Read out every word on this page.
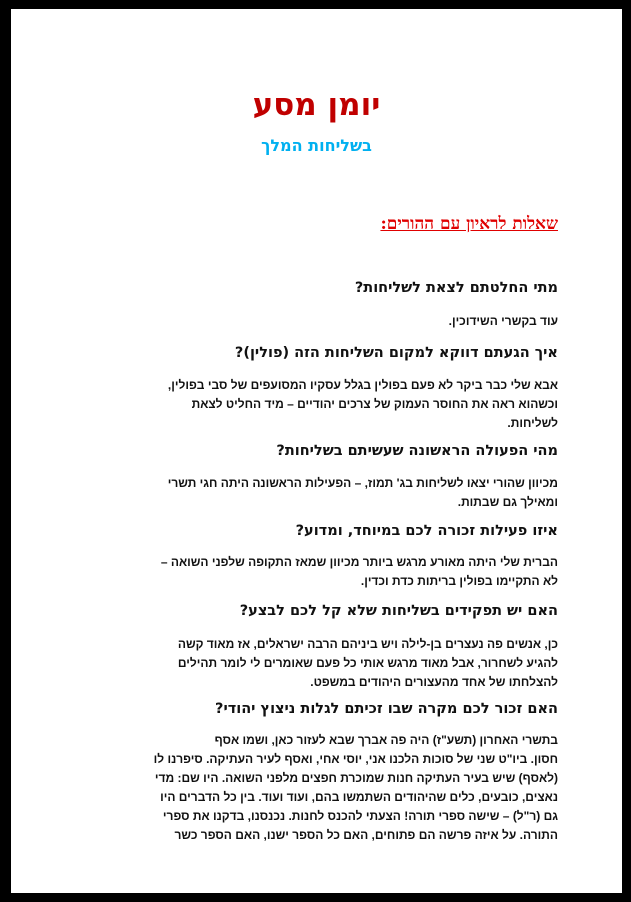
יומן מסע
בשליחות המלך
שאלות לראיון עם ההורים:

מתי החלטתם לצאת לשליחות?

עוד בקשרי השידוכין.

איך הגעתם דווקא למקום השליחות הזה (פולין)?

אבא שלי כבר ביקר לא פעם בפולין בגלל עסקיו המסועפים של סבי בפולין,
וכשהוא ראה את החוסר העמוק של צרכים יהודיים – מיד החליט לצאת
לשליחות.

מהי הפעולה הראשונה שעשיתם בשליחות?

מכיוון שהורי יצאו לשליחות בג' תמוז, – הפעילות הראשונה היתה חגי תשרי
ומאילך גם שבתות.

איזו פעילות זכורה לכם במיוחד, ומדוע?

הברית שלי היתה מאורע מרגש ביותר מכיוון שמאז התקופה שלפני השואה –
לא התקיימו בפולין בריתות כדת וכדין.

האם יש תפקידים בשליחות שלא קל לכם לבצע?

כן, אנשים פה נעצרים בן-לילה ויש ביניהם הרבה ישראלים, אז מאוד קשה
להגיע לשחרור, אבל מאוד מרגש אותי כל פעם שאומרים לי לומר תהילים
להצלחתו של אחד מהעצורים היהודים במשפט.

האם זכור לכם מקרה שבו זכיתם לגלות ניצוץ יהודי?

בתשרי האחרון (תשע"ז) היה פה אברך שבא לעזור כאן, ושמו אסף
חסון. ביו"ט שני של סוכות הלכנו אני, יוסי אחי, ואסף לעיר העתיקה. סיפרנו לו
(לאסף) שיש בעיר העתיקה חנות שמוכרת חפצים מלפני השואה. היו שם: מדי
נאצים, כובעים, כלים שהיהודים השתמשו בהם, ועוד ועוד. בין כל הדברים היו
גם (ר"ל) – שישה ספרי תורה! הצעתי להכנס לחנות. נכנסנו, בדקנו את ספרי
התורה. על איזה פרשה הם פתוחים, האם כל הספר ישנו, האם הספר כשר
